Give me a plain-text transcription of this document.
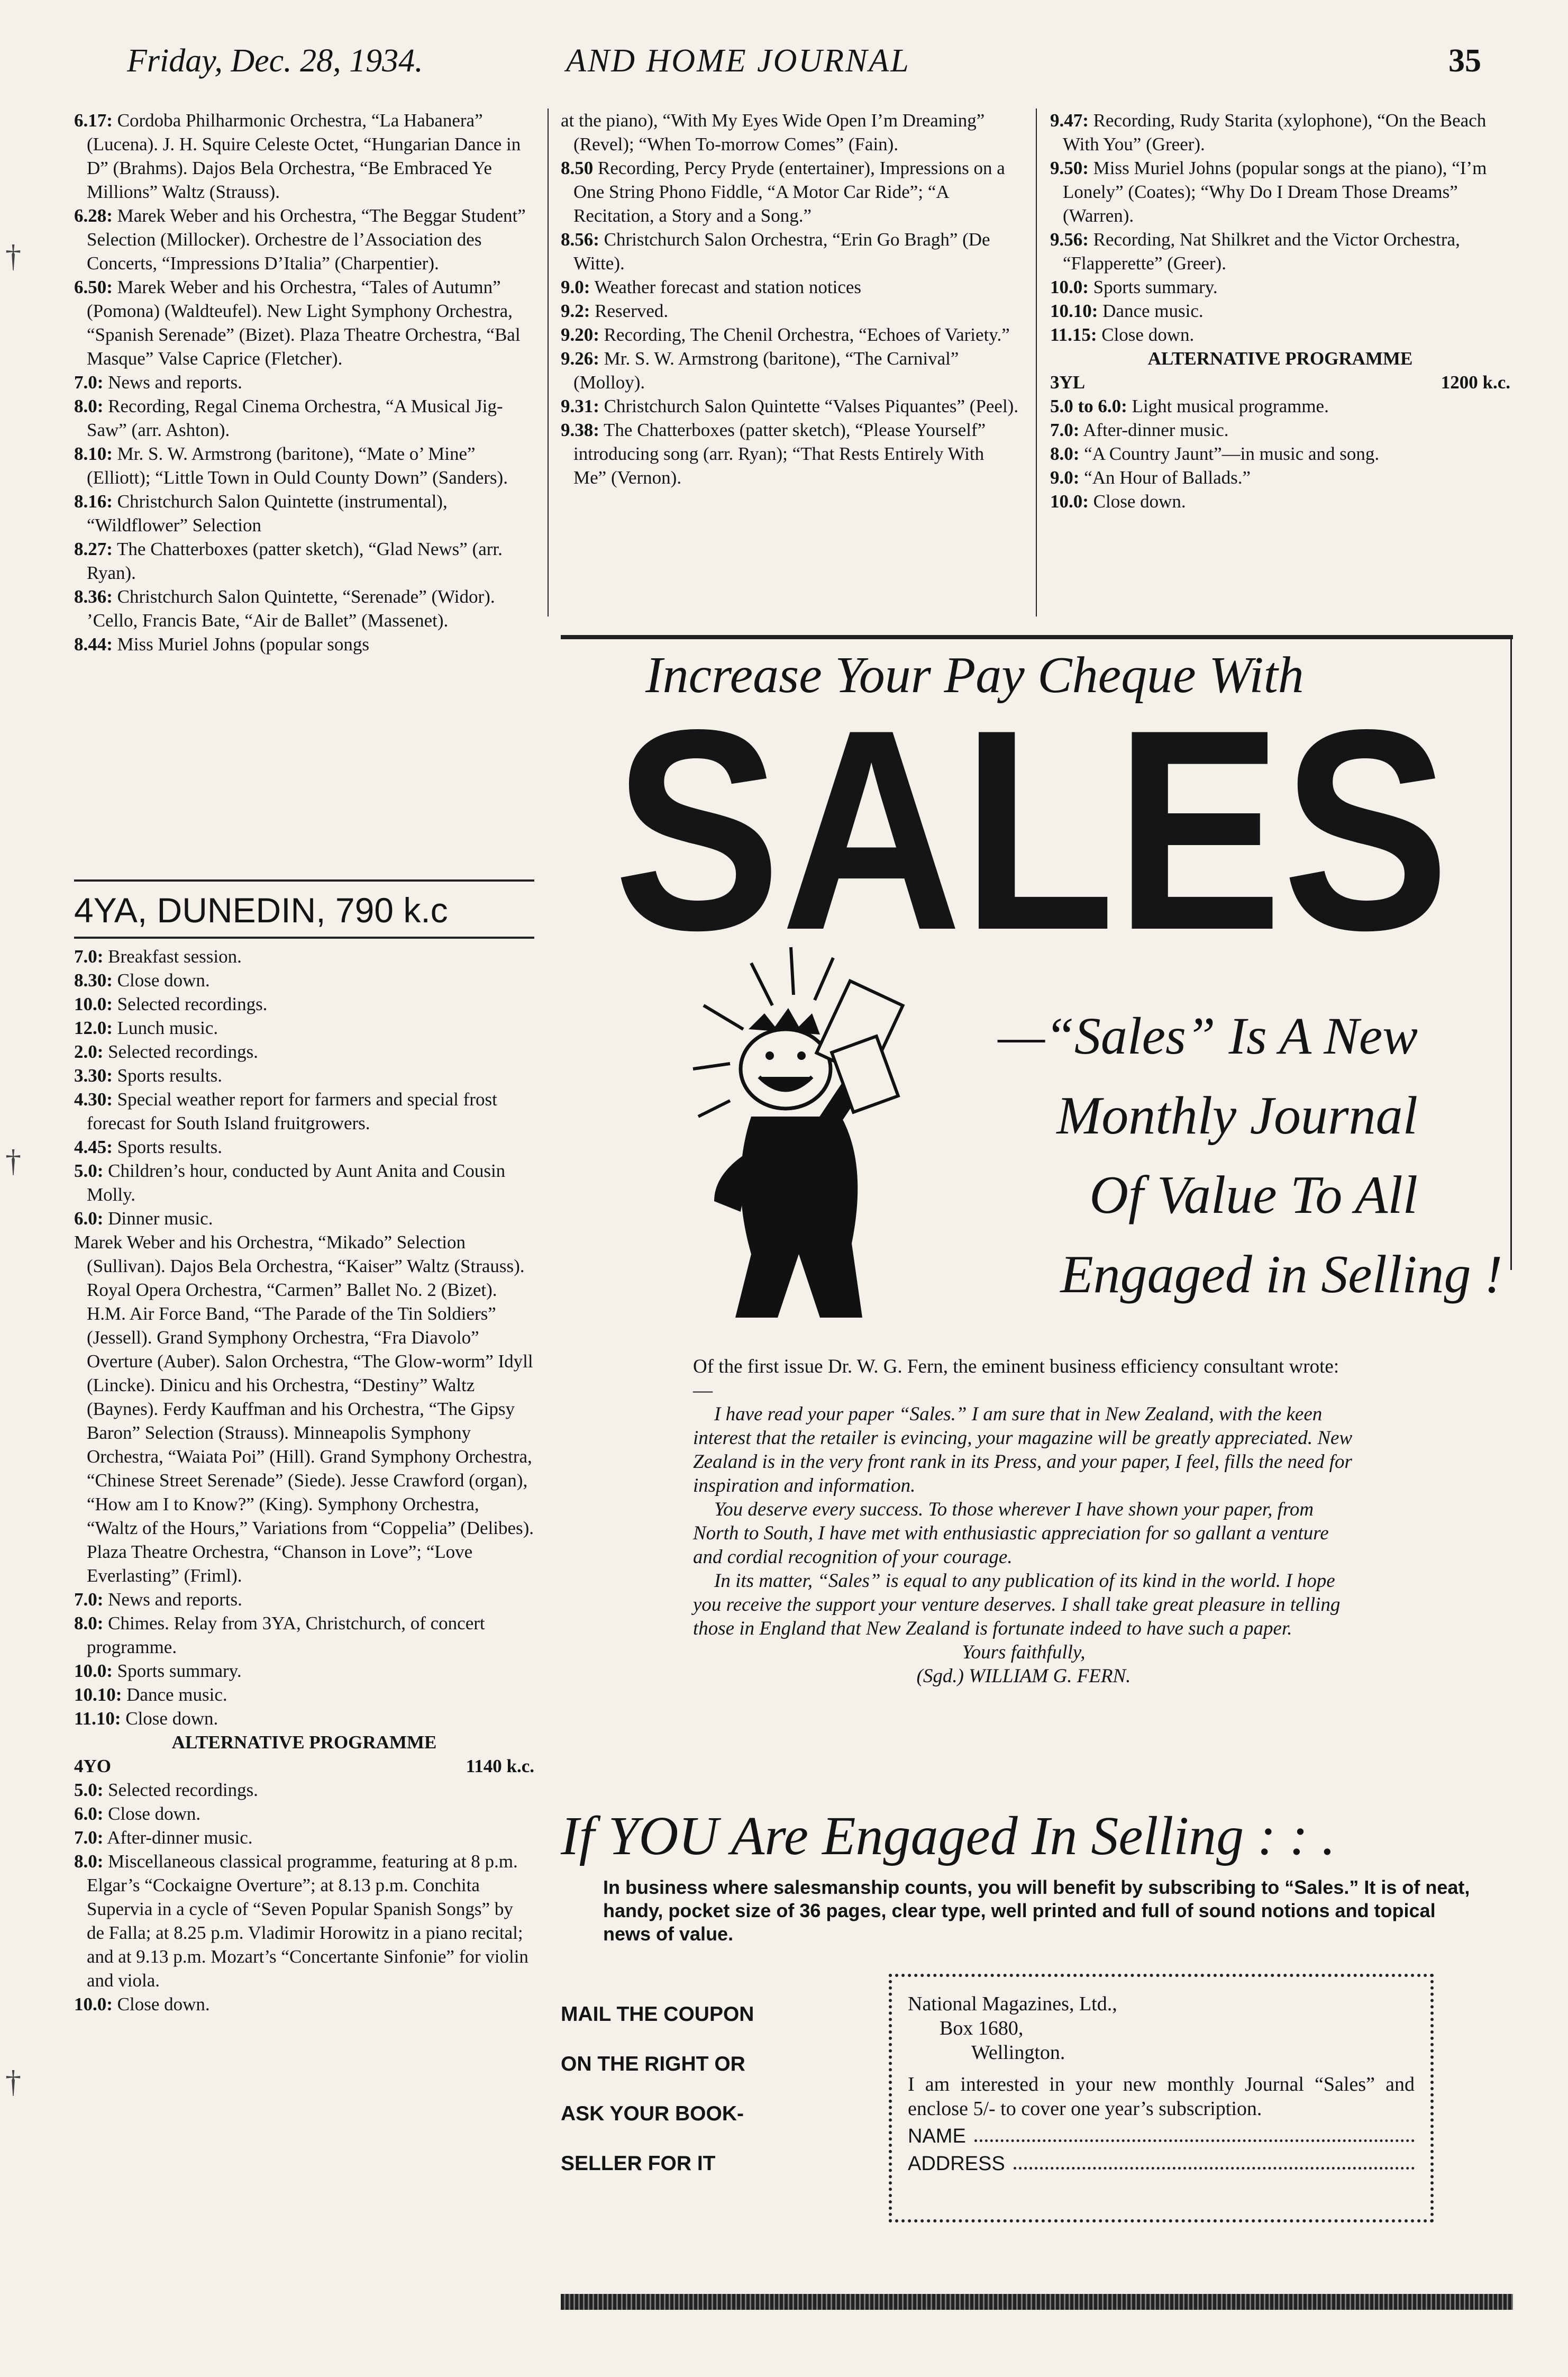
Friday, Dec. 28, 1934.	AND HOME JOURNAL	35

6.17: Cordoba Philharmonic Orchestra, “La Habanera” (Lucena). J. H. Squire Celeste Octet, “Hungarian Dance in D” (Brahms). Dajos Bela Orchestra, “Be Embraced Ye Millions” Waltz (Strauss).

6.28: Marek Weber and his Orchestra, “The Beggar Student” Selection (Millocker). Orchestre de l’Association des Concerts, “Impressions D’Italia” (Charpentier).

6.50: Marek Weber and his Orchestra, “Tales of Autumn” (Pomona) (Waldteufel). New Light Symphony Orchestra, “Spanish Serenade” (Bizet). Plaza Theatre Orchestra, “Bal Masque” Valse Caprice (Fletcher).

7.0: News and reports.

8.0: Recording, Regal Cinema Orchestra, “A Musical Jig-Saw” (arr. Ashton).

8.10: Mr. S. W. Armstrong (baritone), “Mate o’ Mine” (Elliott); “Little Town in Ould County Down” (Sanders).

8.16: Christchurch Salon Quintette (instrumental), “Wildflower” Selection

8.27: The Chatterboxes (patter sketch), “Glad News” (arr. Ryan).

8.36: Christchurch Salon Quintette, “Serenade” (Widor). ’Cello, Francis Bate, “Air de Ballet” (Massenet).

8.44: Miss Muriel Johns (popular songs

4YA, DUNEDIN, 790 k.c

7.0: Breakfast session.

8.30: Close down.

10.0: Selected recordings.

12.0: Lunch music.

2.0: Selected recordings.

3.30: Sports results.

4.30: Special weather report for farmers and special frost forecast for South Island fruitgrowers.

4.45: Sports results.

5.0: Children’s hour, conducted by Aunt Anita and Cousin Molly.

6.0: Dinner music.

Marek Weber and his Orchestra, “Mikado” Selection (Sullivan). Dajos Bela Orchestra, “Kaiser” Waltz (Strauss). Royal Opera Orchestra, “Carmen” Ballet No. 2 (Bizet). H.M. Air Force Band, “The Parade of the Tin Soldiers” (Jessell). Grand Symphony Orchestra, “Fra Diavolo” Overture (Auber). Salon Orchestra, “The Glow-worm” Idyll (Lincke). Dinicu and his Orchestra, “Destiny” Waltz (Baynes). Ferdy Kauffman and his Orchestra, “The Gipsy Baron” Selection (Strauss). Minneapolis Symphony Orchestra, “Waiata Poi” (Hill). Grand Symphony Orchestra, “Chinese Street Serenade” (Siede). Jesse Crawford (organ), “How am I to Know?” (King). Symphony Orchestra, “Waltz of the Hours,” Variations from “Coppelia” (Delibes). Plaza Theatre Orchestra, “Chanson in Love”; “Love Everlasting” (Friml).

7.0: News and reports.

8.0: Chimes. Relay from 3YA, Christchurch, of concert programme.

10.0: Sports summary.

10.10: Dance music.

11.10: Close down.

ALTERNATIVE PROGRAMME

4YO	1140 k.c.

5.0: Selected recordings.

6.0: Close down.

7.0: After-dinner music.

8.0: Miscellaneous classical programme, featuring at 8 p.m. Elgar’s “Cockaigne Overture”; at 8.13 p.m. Conchita Supervia in a cycle of “Seven Popular Spanish Songs” by de Falla; at 8.25 p.m. Vladimir Horowitz in a piano recital; and at 9.13 p.m. Mozart’s “Concertante Sinfonie” for violin and viola.

10.0: Close down.

at the piano), “With My Eyes Wide Open I’m Dreaming” (Revel); “When To-morrow Comes” (Fain).

8.50 Recording, Percy Pryde (entertainer), Impressions on a One String Phono Fiddle, “A Motor Car Ride”; “A Recitation, a Story and a Song.”

8.56: Christchurch Salon Orchestra, “Erin Go Bragh” (De Witte).

9.0: Weather forecast and station notices

9.2: Reserved.

9.20: Recording, The Chenil Orchestra, “Echoes of Variety.”

9.26: Mr. S. W. Armstrong (baritone), “The Carnival” (Molloy).

9.31: Christchurch Salon Quintette “Valses Piquantes” (Peel).

9.38: The Chatterboxes (patter sketch), “Please Yourself” introducing song (arr. Ryan); “That Rests Entirely With Me” (Vernon).

9.47: Recording, Rudy Starita (xylophone), “On the Beach With You” (Greer).

9.50: Miss Muriel Johns (popular songs at the piano), “I’m Lonely” (Coates); “Why Do I Dream Those Dreams” (Warren).

9.56: Recording, Nat Shilkret and the Victor Orchestra, “Flapperette” (Greer).

10.0: Sports summary.

10.10: Dance music.

11.15: Close down.

ALTERNATIVE PROGRAMME

3YL	1200 k.c.

5.0 to 6.0: Light musical programme.

7.0: After-dinner music.

8.0: “A Country Jaunt”—in music and song.

9.0: “An Hour of Ballads.”

10.0: Close down.

Increase Your Pay Cheque With
SALES
—“Sales” Is A New
Monthly Journal
Of Value To All
Engaged in Selling !

Of the first issue Dr. W. G. Fern, the eminent business efficiency consultant wrote:—

I have read your paper “Sales.” I am sure that in New Zealand, with the keen interest that the retailer is evincing, your magazine will be greatly appreciated. New Zealand is in the very front rank in its Press, and your paper, I feel, fills the need for inspiration and information.

You deserve every success. To those wherever I have shown your paper, from North to South, I have met with enthusiastic appreciation for so gallant a venture and cordial recognition of your courage.

In its matter, “Sales” is equal to any publication of its kind in the world. I hope you receive the support your venture deserves. I shall take great pleasure in telling those in England that New Zealand is fortunate indeed to have such a paper.

Yours faithfully,

(Sgd.) WILLIAM G. FERN.

If YOU Are Engaged In Selling : : .
In business where salesmanship counts, you will benefit by subscribing to “Sales.” It is of neat, handy, pocket size of 36 pages, clear type, well printed and full of sound notions and topical news of value.
MAIL THE COUPON
ON THE RIGHT OR
ASK YOUR BOOK-
SELLER FOR IT

National Magazines, Ltd.,

Box 1680,

Wellington.

I am interested in your new monthly Journal “Sales” and enclose 5/- to cover one year’s subscription.

NAME
ADDRESS
†
†
†
